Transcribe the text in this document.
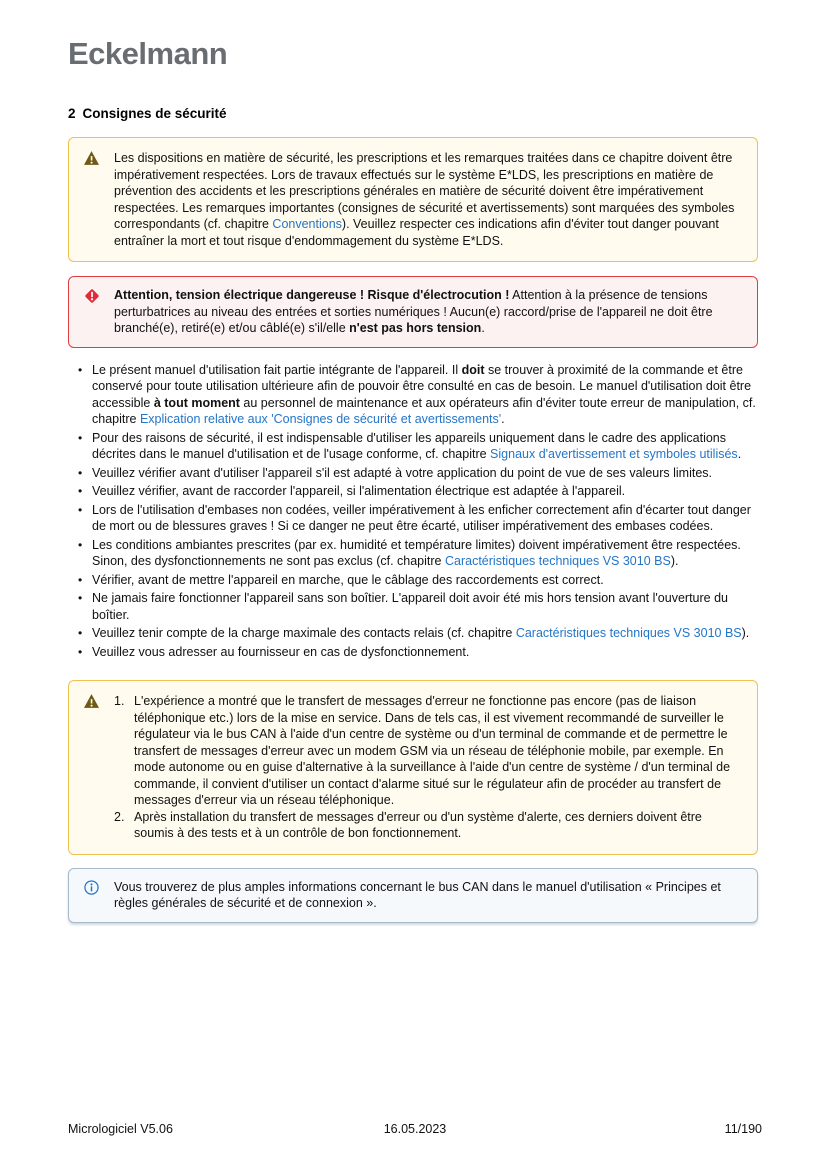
Eckelmann
2 Consignes de sécurité
Les dispositions en matière de sécurité, les prescriptions et les remarques traitées dans ce chapitre doivent être impérativement respectées. Lors de travaux effectués sur le système E*LDS, les prescriptions en matière de prévention des accidents et les prescriptions générales en matière de sécurité doivent être impérativement respectées. Les remarques importantes (consignes de sécurité et avertissements) sont marquées des symboles correspondants (cf. chapitre Conventions). Veuillez respecter ces indications afin d'éviter tout danger pouvant entraîner la mort et tout risque d'endommagement du système E*LDS.
Attention, tension électrique dangereuse ! Risque d'électrocution ! Attention à la présence de tensions perturbatrices au niveau des entrées et sorties numériques ! Aucun(e) raccord/prise de l'appareil ne doit être branché(e), retiré(e) et/ou câblé(e) s'il/elle n'est pas hors tension.
• Le présent manuel d'utilisation fait partie intégrante de l'appareil. Il doit se trouver à proximité de la commande et être conservé pour toute utilisation ultérieure afin de pouvoir être consulté en cas de besoin. Le manuel d'utilisation doit être accessible à tout moment au personnel de maintenance et aux opérateurs afin d'éviter toute erreur de manipulation, cf. chapitre Explication relative aux 'Consignes de sécurité et avertissements'.
• Pour des raisons de sécurité, il est indispensable d'utiliser les appareils uniquement dans le cadre des applications décrites dans le manuel d'utilisation et de l'usage conforme, cf. chapitre Signaux d'avertissement et symboles utilisés.
• Veuillez vérifier avant d'utiliser l'appareil s'il est adapté à votre application du point de vue de ses valeurs limites.
• Veuillez vérifier, avant de raccorder l'appareil, si l'alimentation électrique est adaptée à l'appareil.
• Lors de l'utilisation d'embases non codées, veiller impérativement à les enficher correctement afin d'écarter tout danger de mort ou de blessures graves ! Si ce danger ne peut être écarté, utiliser impérativement des embases codées.
• Les conditions ambiantes prescrites (par ex. humidité et température limites) doivent impérativement être respectées. Sinon, des dysfonctionnements ne sont pas exclus (cf. chapitre Caractéristiques techniques VS 3010 BS).
• Vérifier, avant de mettre l'appareil en marche, que le câblage des raccordements est correct.
• Ne jamais faire fonctionner l'appareil sans son boîtier. L'appareil doit avoir été mis hors tension avant l'ouverture du boîtier.
• Veuillez tenir compte de la charge maximale des contacts relais (cf. chapitre Caractéristiques techniques VS 3010 BS).
• Veuillez vous adresser au fournisseur en cas de dysfonctionnement.
1. L'expérience a montré que le transfert de messages d'erreur ne fonctionne pas encore (pas de liaison téléphonique etc.) lors de la mise en service. Dans de tels cas, il est vivement recommandé de surveiller le régulateur via le bus CAN à l'aide d'un centre de système ou d'un terminal de commande et de permettre le transfert de messages d'erreur avec un modem GSM via un réseau de téléphonie mobile, par exemple. En mode autonome ou en guise d'alternative à la surveillance à l'aide d'un centre de système / d'un terminal de commande, il convient d'utiliser un contact d'alarme situé sur le régulateur afin de procéder au transfert de messages d'erreur via un réseau téléphonique.
2. Après installation du transfert de messages d'erreur ou d'un système d'alerte, ces derniers doivent être soumis à des tests et à un contrôle de bon fonctionnement.
Vous trouverez de plus amples informations concernant le bus CAN dans le manuel d'utilisation « Principes et règles générales de sécurité et de connexion ».
Micrologiciel V5.06	16.05.2023	11/190
